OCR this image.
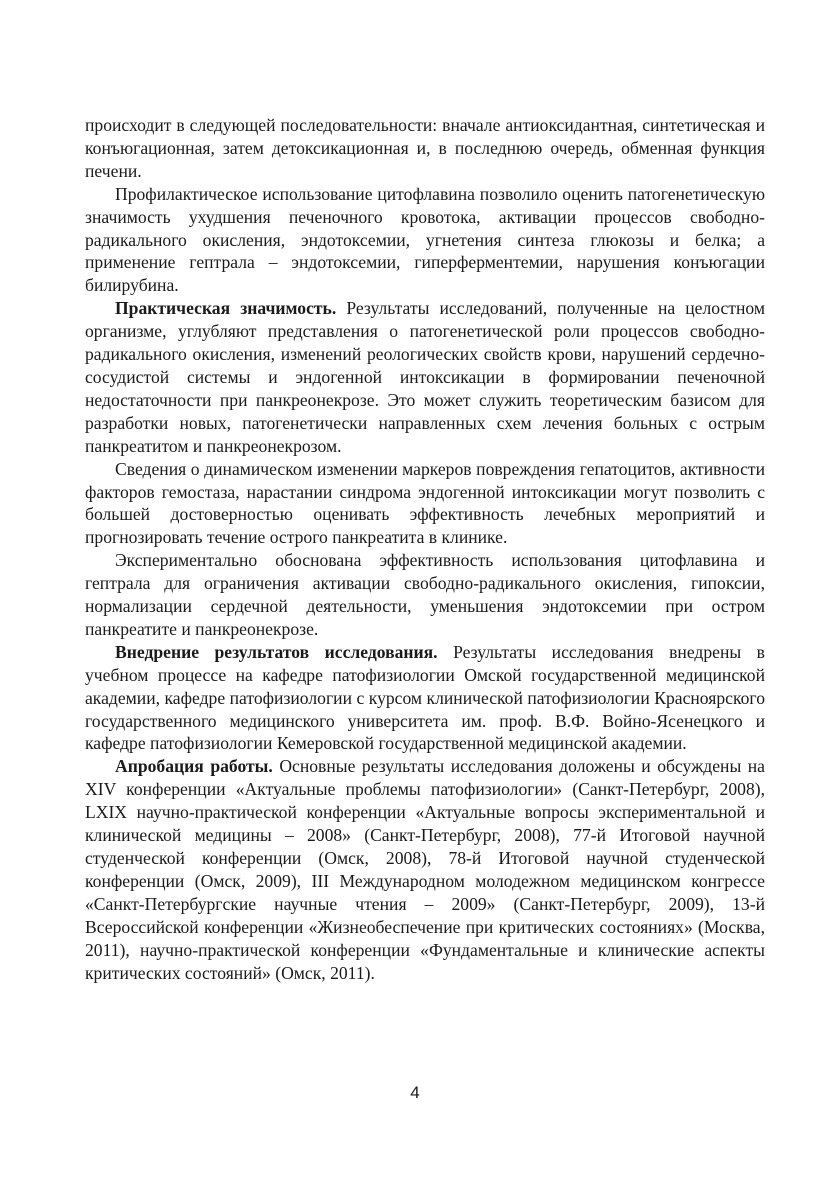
происходит в следующей последовательности: вначале антиоксидантная, синтетическая и конъюгационная, затем детоксикационная и, в последнюю очередь, обменная функция печени.

Профилактическое использование цитофлавина позволило оценить патогенетическую значимость ухудшения печеночного кровотока, активации процессов свободно-радикального окисления, эндотоксемии, угнетения синтеза глюкозы и белка; а применение гептрала – эндотоксемии, гиперферментемии, нарушения конъюгации билирубина.

Практическая значимость. Результаты исследований, полученные на целостном организме, углубляют представления о патогенетической роли процессов свободно-радикального окисления, изменений реологических свойств крови, нарушений сердечно-сосудистой системы и эндогенной интоксикации в формировании печеночной недостаточности при панкреонекрозе. Это может служить теоретическим базисом для разработки новых, патогенетически направленных схем лечения больных с острым панкреатитом и панкреонекрозом.

Сведения о динамическом изменении маркеров повреждения гепатоцитов, активности факторов гемостаза, нарастании синдрома эндогенной интоксикации могут позволить с большей достоверностью оценивать эффективность лечебных мероприятий и прогнозировать течение острого панкреатита в клинике.

Экспериментально обоснована эффективность использования цитофлавина и гептрала для ограничения активации свободно-радикального окисления, гипоксии, нормализации сердечной деятельности, уменьшения эндотоксемии при остром панкреатите и панкреонекрозе.

Внедрение результатов исследования. Результаты исследования внедрены в учебном процессе на кафедре патофизиологии Омской государственной медицинской академии, кафедре патофизиологии с курсом клинической патофизиологии Красноярского государственного медицинского университета им. проф. В.Ф. Войно-Ясенецкого и кафедре патофизиологии Кемеровской государственной медицинской академии.

Апробация работы. Основные результаты исследования доложены и обсуждены на XIV конференции «Актуальные проблемы патофизиологии» (Санкт-Петербург, 2008), LXIX научно-практической конференции «Актуальные вопросы экспериментальной и клинической медицины – 2008» (Санкт-Петербург, 2008), 77-й Итоговой научной студенческой конференции (Омск, 2008), 78-й Итоговой научной студенческой конференции (Омск, 2009), III Международном молодежном медицинском конгрессе «Санкт-Петербургские научные чтения – 2009» (Санкт-Петербург, 2009), 13-й Всероссийской конференции «Жизнеобеспечение при критических состояниях» (Москва, 2011), научно-практической конференции «Фундаментальные и клинические аспекты критических состояний» (Омск, 2011).

4
